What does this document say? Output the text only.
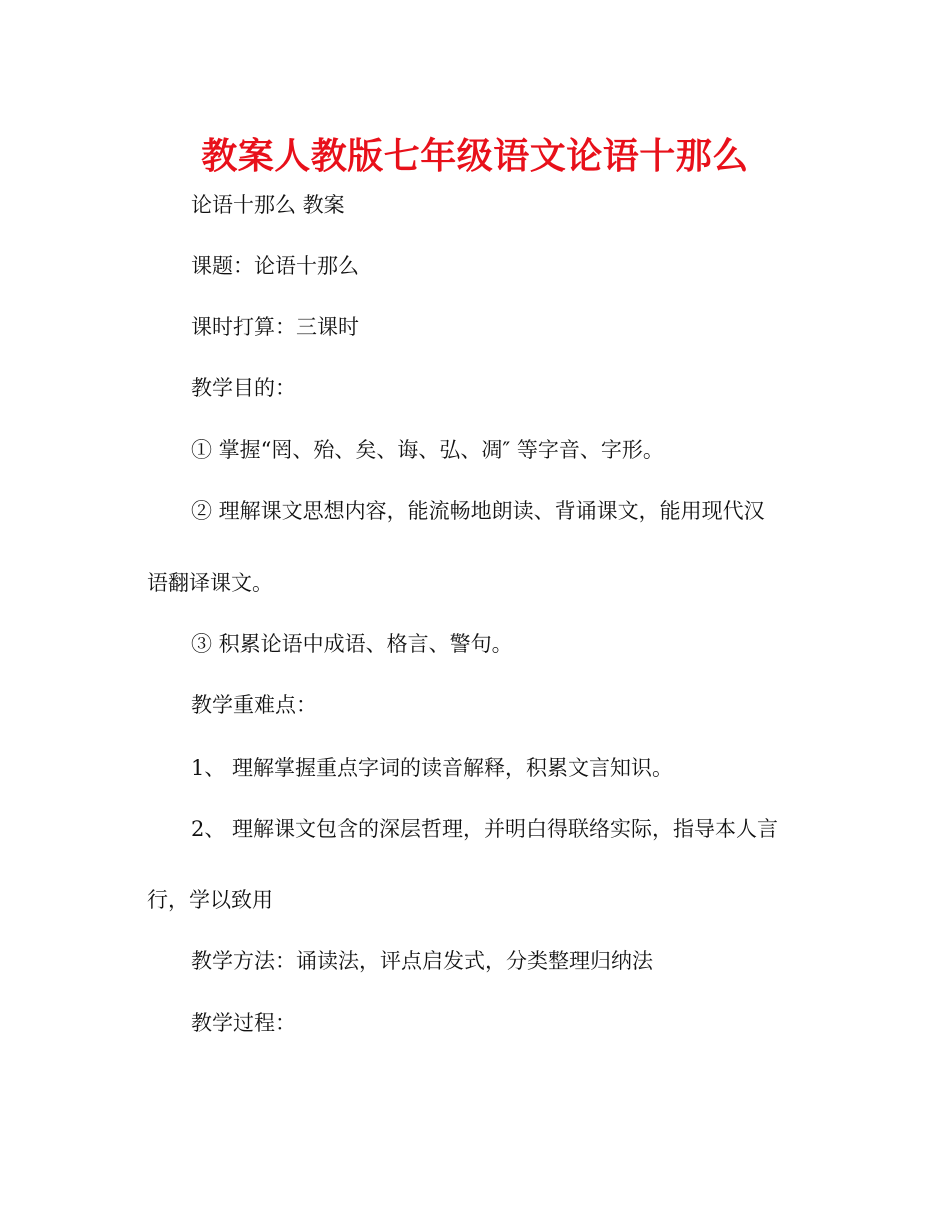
教案人教版七年级语文论语十那么

论语十那么 教案

课题：论语十那么

课时打算：三课时

教学目的：

① 掌握“罔、殆、矣、诲、弘、凋″ 等字音、字形。

② 理解课文思想内容，能流畅地朗读、背诵课文，能用现代汉

语翻译课文。

③ 积累论语中成语、格言、警句。

教学重难点：

1、 理解掌握重点字词的读音解释，积累文言知识。

2、 理解课文包含的深层哲理，并明白得联络实际，指导本人言

行，学以致用

教学方法：诵读法，评点启发式，分类整理归纳法

教学过程：
